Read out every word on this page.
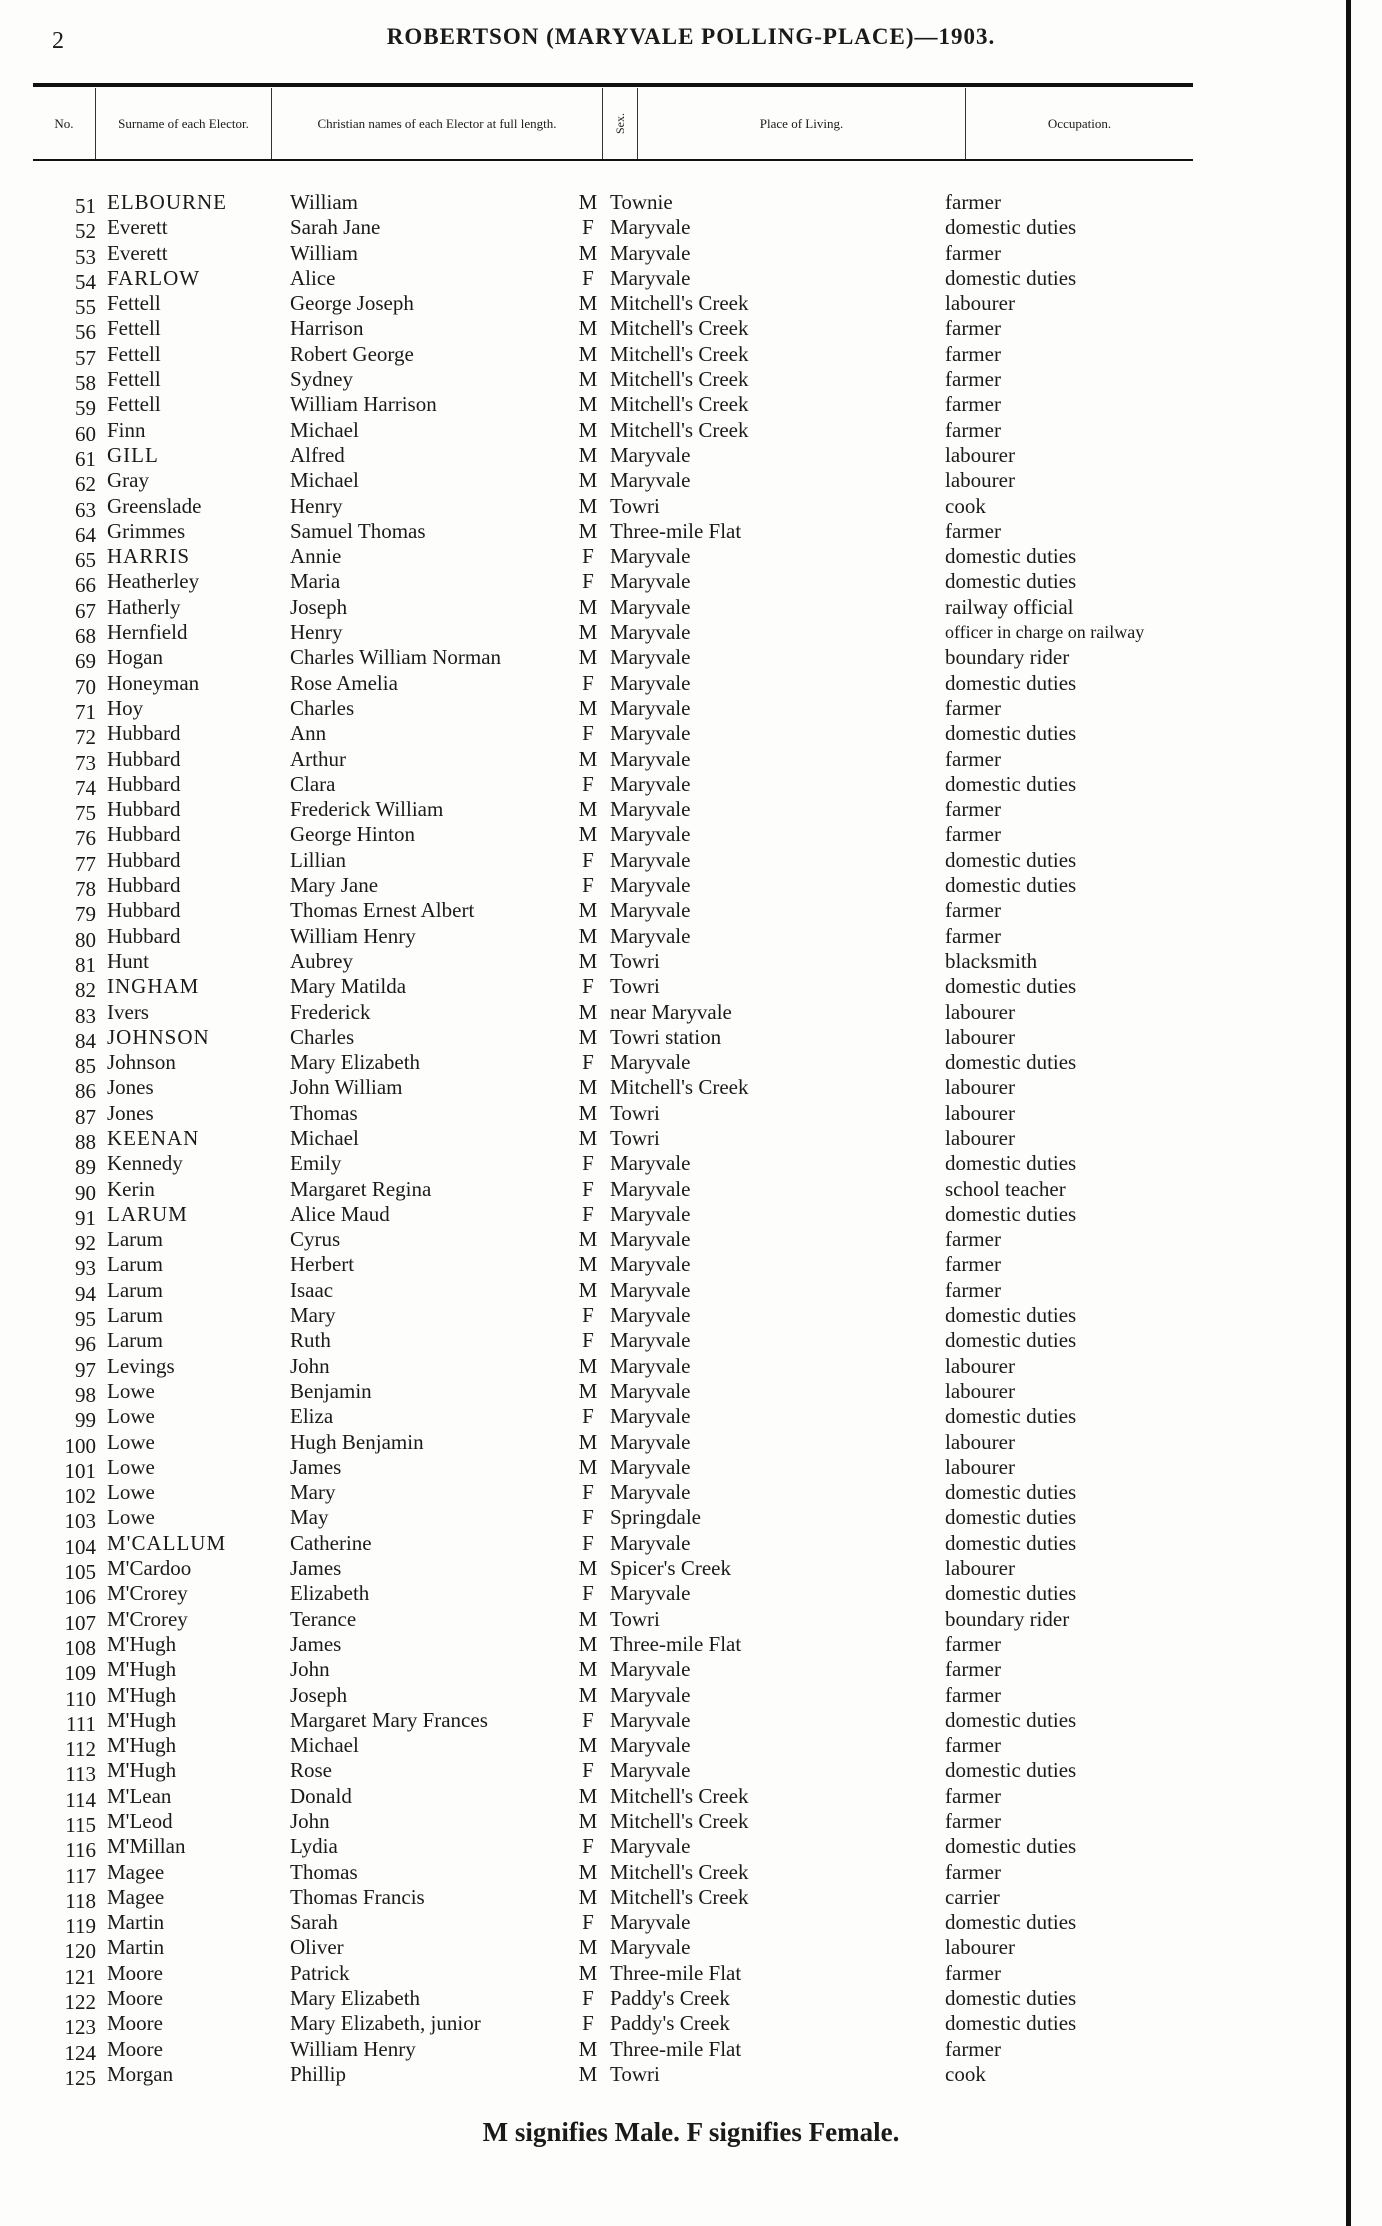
2	ROBERTSON (MARYVALE POLLING-PLACE)—1903.
No.	Surname of each Elector.	Christian names of each Elector at full length.	Sex.	Place of Living.	Occupation.
51 ELBOURNE	William	M Townie	farmer
52 Everett	Sarah Jane	F Maryvale	domestic duties
53 Everett	William	M Maryvale	farmer
54 FARLOW	Alice	F Maryvale	domestic duties
55 Fettell	George Joseph	M Mitchell's Creek	labourer
56 Fettell	Harrison	M Mitchell's Creek	farmer
57 Fettell	Robert George	M Mitchell's Creek	farmer
58 Fettell	Sydney	M Mitchell's Creek	farmer
59 Fettell	William Harrison	M Mitchell's Creek	farmer
60 Finn	Michael	M Mitchell's Creek	farmer
61 GILL	Alfred	M Maryvale	labourer
62 Gray	Michael	M Maryvale	labourer
63 Greenslade	Henry	M Towri	cook
64 Grimmes	Samuel Thomas	M Three-mile Flat	farmer
65 HARRIS	Annie	F Maryvale	domestic duties
66 Heatherley	Maria	F Maryvale	domestic duties
67 Hatherly	Joseph	M Maryvale	railway official
68 Hernfield	Henry	M Maryvale	officer in charge on railway
69 Hogan	Charles William Norman	M Maryvale	boundary rider
70 Honeyman	Rose Amelia	F Maryvale	domestic duties
71 Hoy	Charles	M Maryvale	farmer
72 Hubbard	Ann	F Maryvale	domestic duties
73 Hubbard	Arthur	M Maryvale	farmer
74 Hubbard	Clara	F Maryvale	domestic duties
75 Hubbard	Frederick William	M Maryvale	farmer
76 Hubbard	George Hinton	M Maryvale	farmer
77 Hubbard	Lillian	F Maryvale	domestic duties
78 Hubbard	Mary Jane	F Maryvale	domestic duties
79 Hubbard	Thomas Ernest Albert	M Maryvale	farmer
80 Hubbard	William Henry	M Maryvale	farmer
81 Hunt	Aubrey	M Towri	blacksmith
82 INGHAM	Mary Matilda	F Towri	domestic duties
83 Ivers	Frederick	M near Maryvale	labourer
84 JOHNSON	Charles	M Towri station	labourer
85 Johnson	Mary Elizabeth	F Maryvale	domestic duties
86 Jones	John William	M Mitchell's Creek	labourer
87 Jones	Thomas	M Towri	labourer
88 KEENAN	Michael	M Towri	labourer
89 Kennedy	Emily	F Maryvale	domestic duties
90 Kerin	Margaret Regina	F Maryvale	school teacher
91 LARUM	Alice Maud	F Maryvale	domestic duties
92 Larum	Cyrus	M Maryvale	farmer
93 Larum	Herbert	M Maryvale	farmer
94 Larum	Isaac	M Maryvale	farmer
95 Larum	Mary	F Maryvale	domestic duties
96 Larum	Ruth	F Maryvale	domestic duties
97 Levings	John	M Maryvale	labourer
98 Lowe	Benjamin	M Maryvale	labourer
99 Lowe	Eliza	F Maryvale	domestic duties
100 Lowe	Hugh Benjamin	M Maryvale	labourer
101 Lowe	James	M Maryvale	labourer
102 Lowe	Mary	F Maryvale	domestic duties
103 Lowe	May	F Springdale	domestic duties
104 M'CALLUM	Catherine	F Maryvale	domestic duties
105 M'Cardoo	James	M Spicer's Creek	labourer
106 M'Crorey	Elizabeth	F Maryvale	domestic duties
107 M'Crorey	Terance	M Towri	boundary rider
108 M'Hugh	James	M Three-mile Flat	farmer
109 M'Hugh	John	M Maryvale	farmer
110 M'Hugh	Joseph	M Maryvale	farmer
111 M'Hugh	Margaret Mary Frances	F Maryvale	domestic duties
112 M'Hugh	Michael	M Maryvale	farmer
113 M'Hugh	Rose	F Maryvale	domestic duties
114 M'Lean	Donald	M Mitchell's Creek	farmer
115 M'Leod	John	M Mitchell's Creek	farmer
116 M'Millan	Lydia	F Maryvale	domestic duties
117 Magee	Thomas	M Mitchell's Creek	farmer
118 Magee	Thomas Francis	M Mitchell's Creek	carrier
119 Martin	Sarah	F Maryvale	domestic duties
120 Martin	Oliver	M Maryvale	labourer
121 Moore	Patrick	M Three-mile Flat	farmer
122 Moore	Mary Elizabeth	F Paddy's Creek	domestic duties
123 Moore	Mary Elizabeth, junior	F Paddy's Creek	domestic duties
124 Moore	William Henry	M Three-mile Flat	farmer
125 Morgan	Phillip	M Towri	cook
M signifies Male. F signifies Female.
